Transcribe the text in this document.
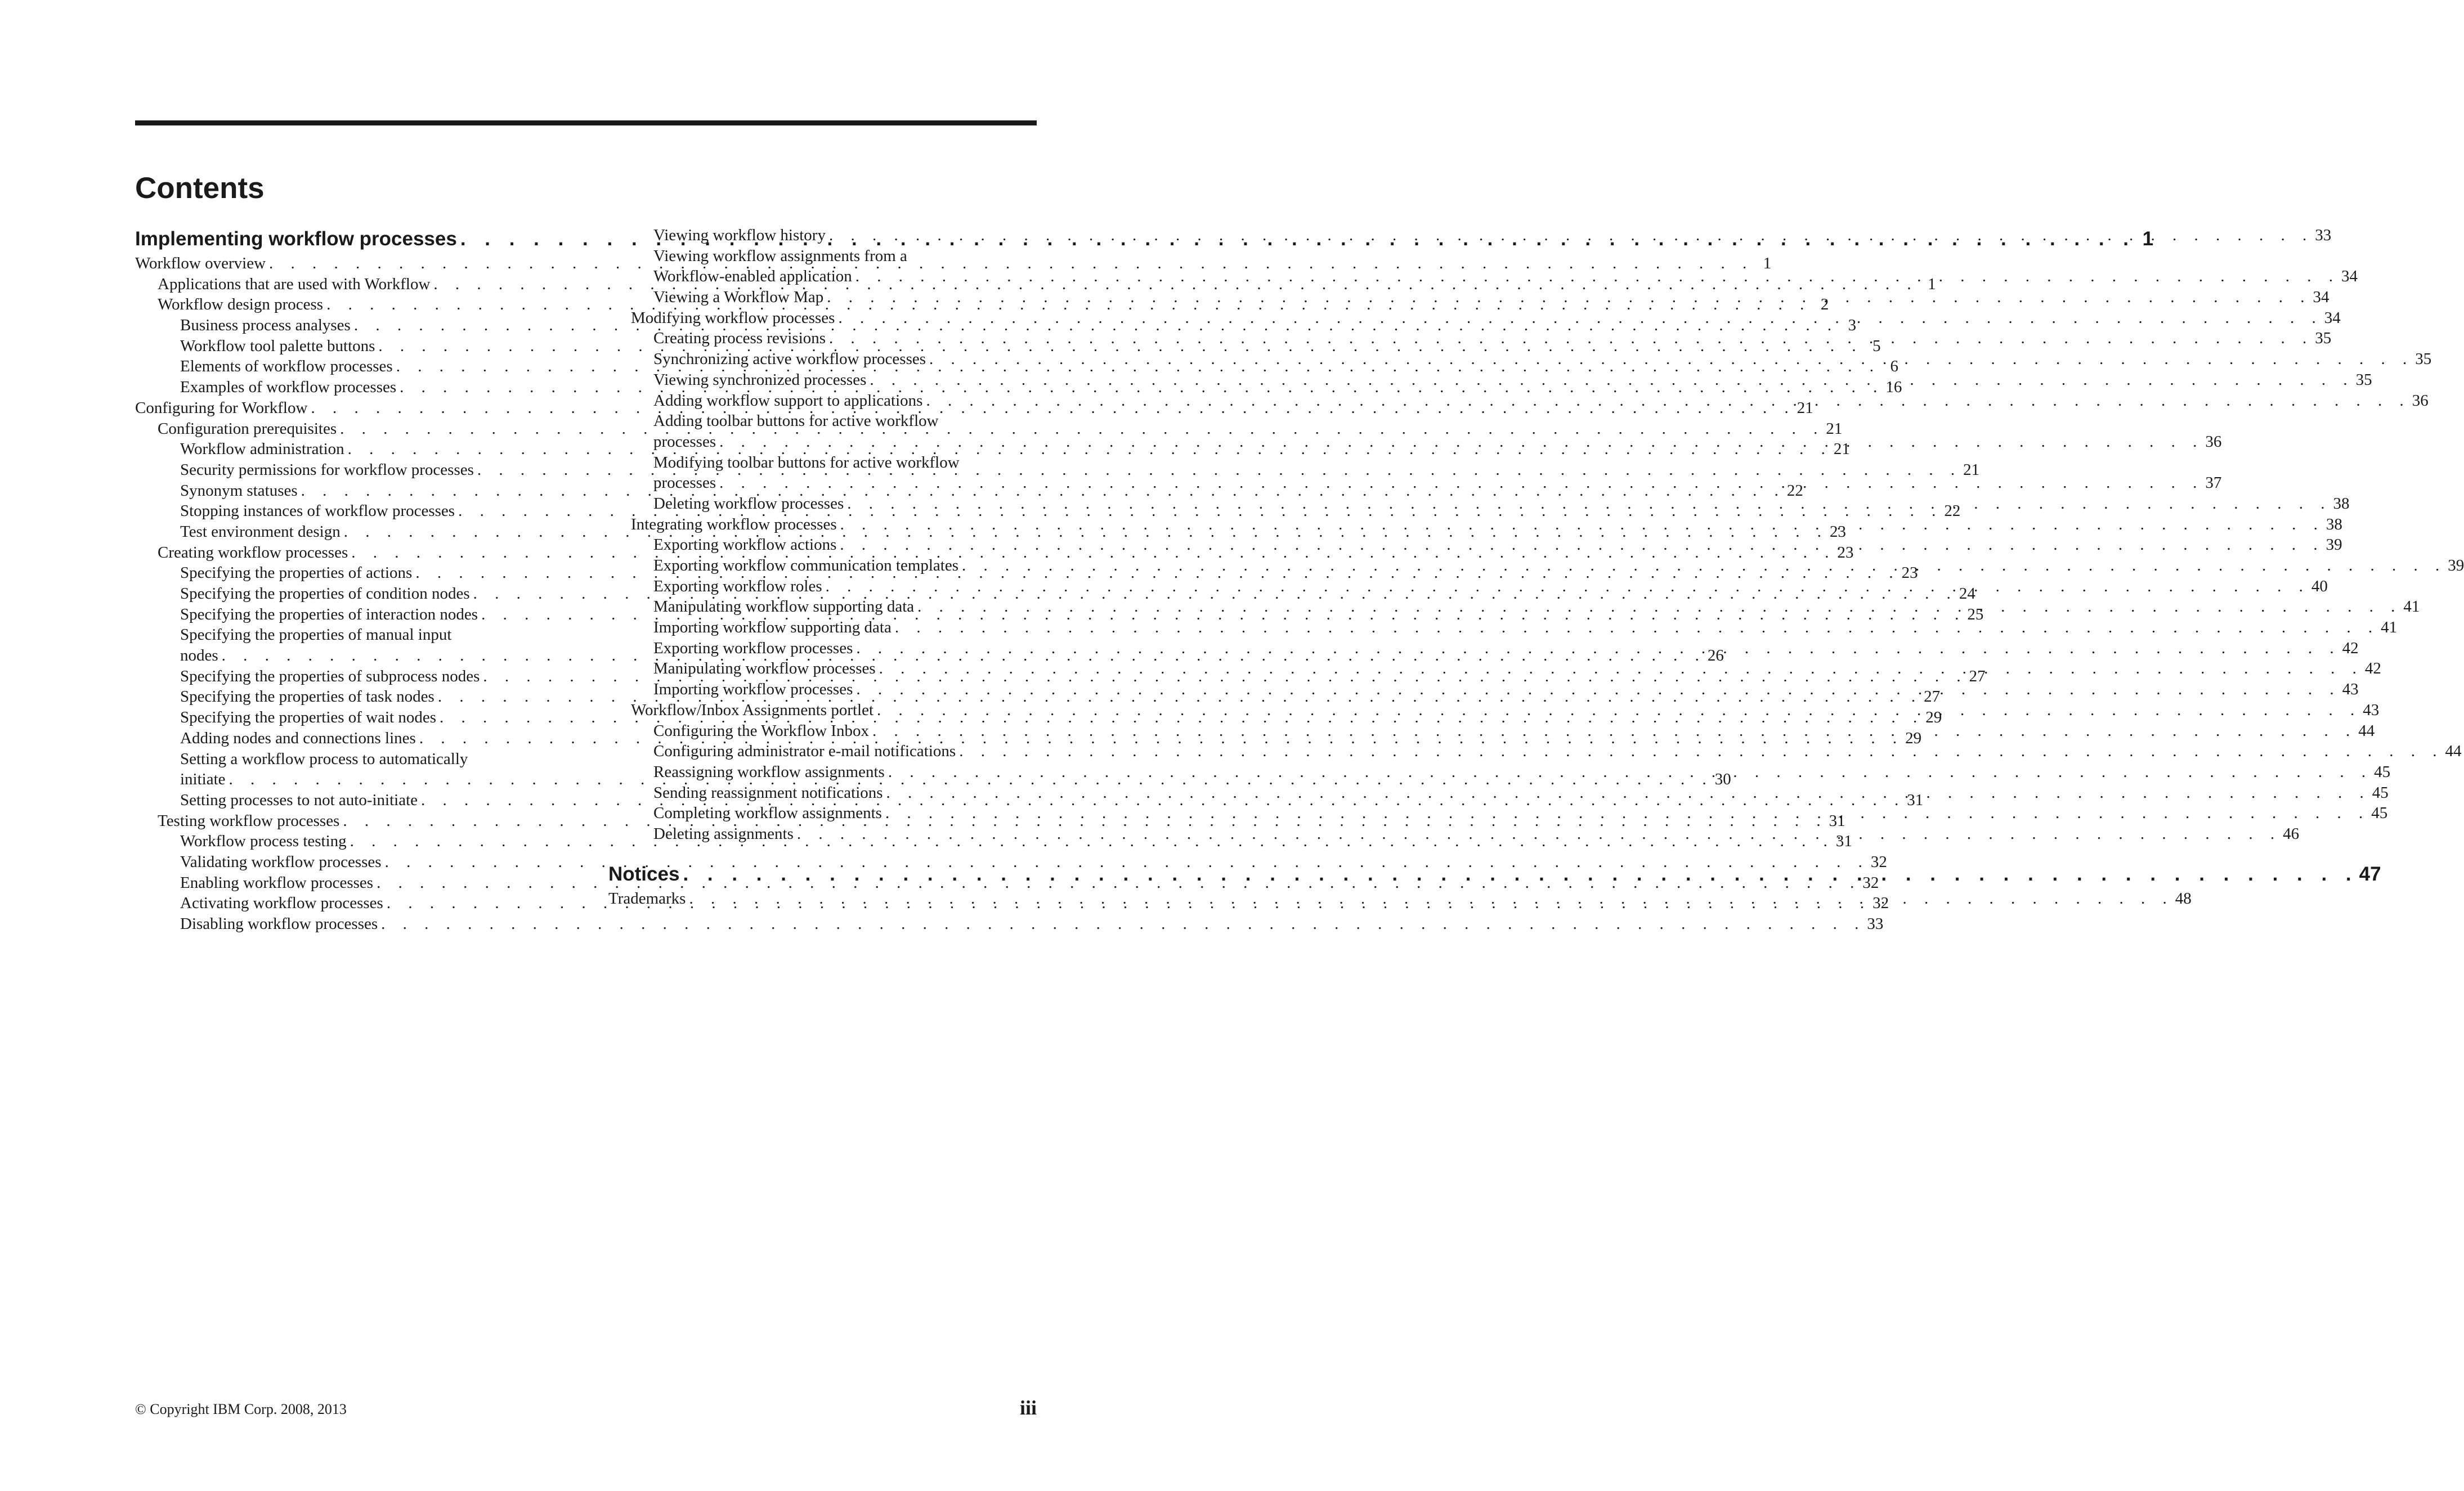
Contents
Implementing workflow processes . . .	1
Workflow overview . . .	1
Applications that are used with Workflow . . .	1
Workflow design process . . .	2
Business process analyses . . .	3
Workflow tool palette buttons . . .	5
Elements of workflow processes . . .	6
Examples of workflow processes . . .	16
Configuring for Workflow . . .	21
Configuration prerequisites . . .	21
Workflow administration . . .	21
Security permissions for workflow processes . . .	21
Synonym statuses . . .	22
Stopping instances of workflow processes . . .	22
Test environment design . . .	23
Creating workflow processes . . .	23
Specifying the properties of actions . . .	23
Specifying the properties of condition nodes . . .	24
Specifying the properties of interaction nodes . . .	25
Specifying the properties of manual input
nodes . . .	26
Specifying the properties of subprocess nodes . . .	27
Specifying the properties of task nodes . . .	27
Specifying the properties of wait nodes . . .	29
Adding nodes and connections lines . . .	29
Setting a workflow process to automatically
initiate . . .	30
Setting processes to not auto-initiate . . .	31
Testing workflow processes . . .	31
Workflow process testing . . .	31
Validating workflow processes . . .	32
Enabling workflow processes . . .	32
Activating workflow processes . . .	32
Disabling workflow processes . . .	33
Viewing workflow history . . .	33
Viewing workflow assignments from a
Workflow-enabled application . . .	34
Viewing a Workflow Map . . .	34
Modifying workflow processes . . .	34
Creating process revisions . . .	35
Synchronizing active workflow processes . . .	35
Viewing synchronized processes . . .	35
Adding workflow support to applications . . .	36
Adding toolbar buttons for active workflow
processes . . .	36
Modifying toolbar buttons for active workflow
processes . . .	37
Deleting workflow processes . . .	38
Integrating workflow processes . . .	38
Exporting workflow actions . . .	39
Exporting workflow communication templates . . .	39
Exporting workflow roles . . .	40
Manipulating workflow supporting data . . .	41
Importing workflow supporting data . . .	41
Exporting workflow processes . . .	42
Manipulating workflow processes . . .	42
Importing workflow processes . . .	43
Workflow/Inbox Assignments portlet . . .	43
Configuring the Workflow Inbox . . .	44
Configuring administrator e-mail notifications . . .	44
Reassigning workflow assignments . . .	45
Sending reassignment notifications . . .	45
Completing workflow assignments . . .	45
Deleting assignments . . .	46
Notices . . .	47
Trademarks . . .	48
© Copyright IBM Corp. 2008, 2013	iii
